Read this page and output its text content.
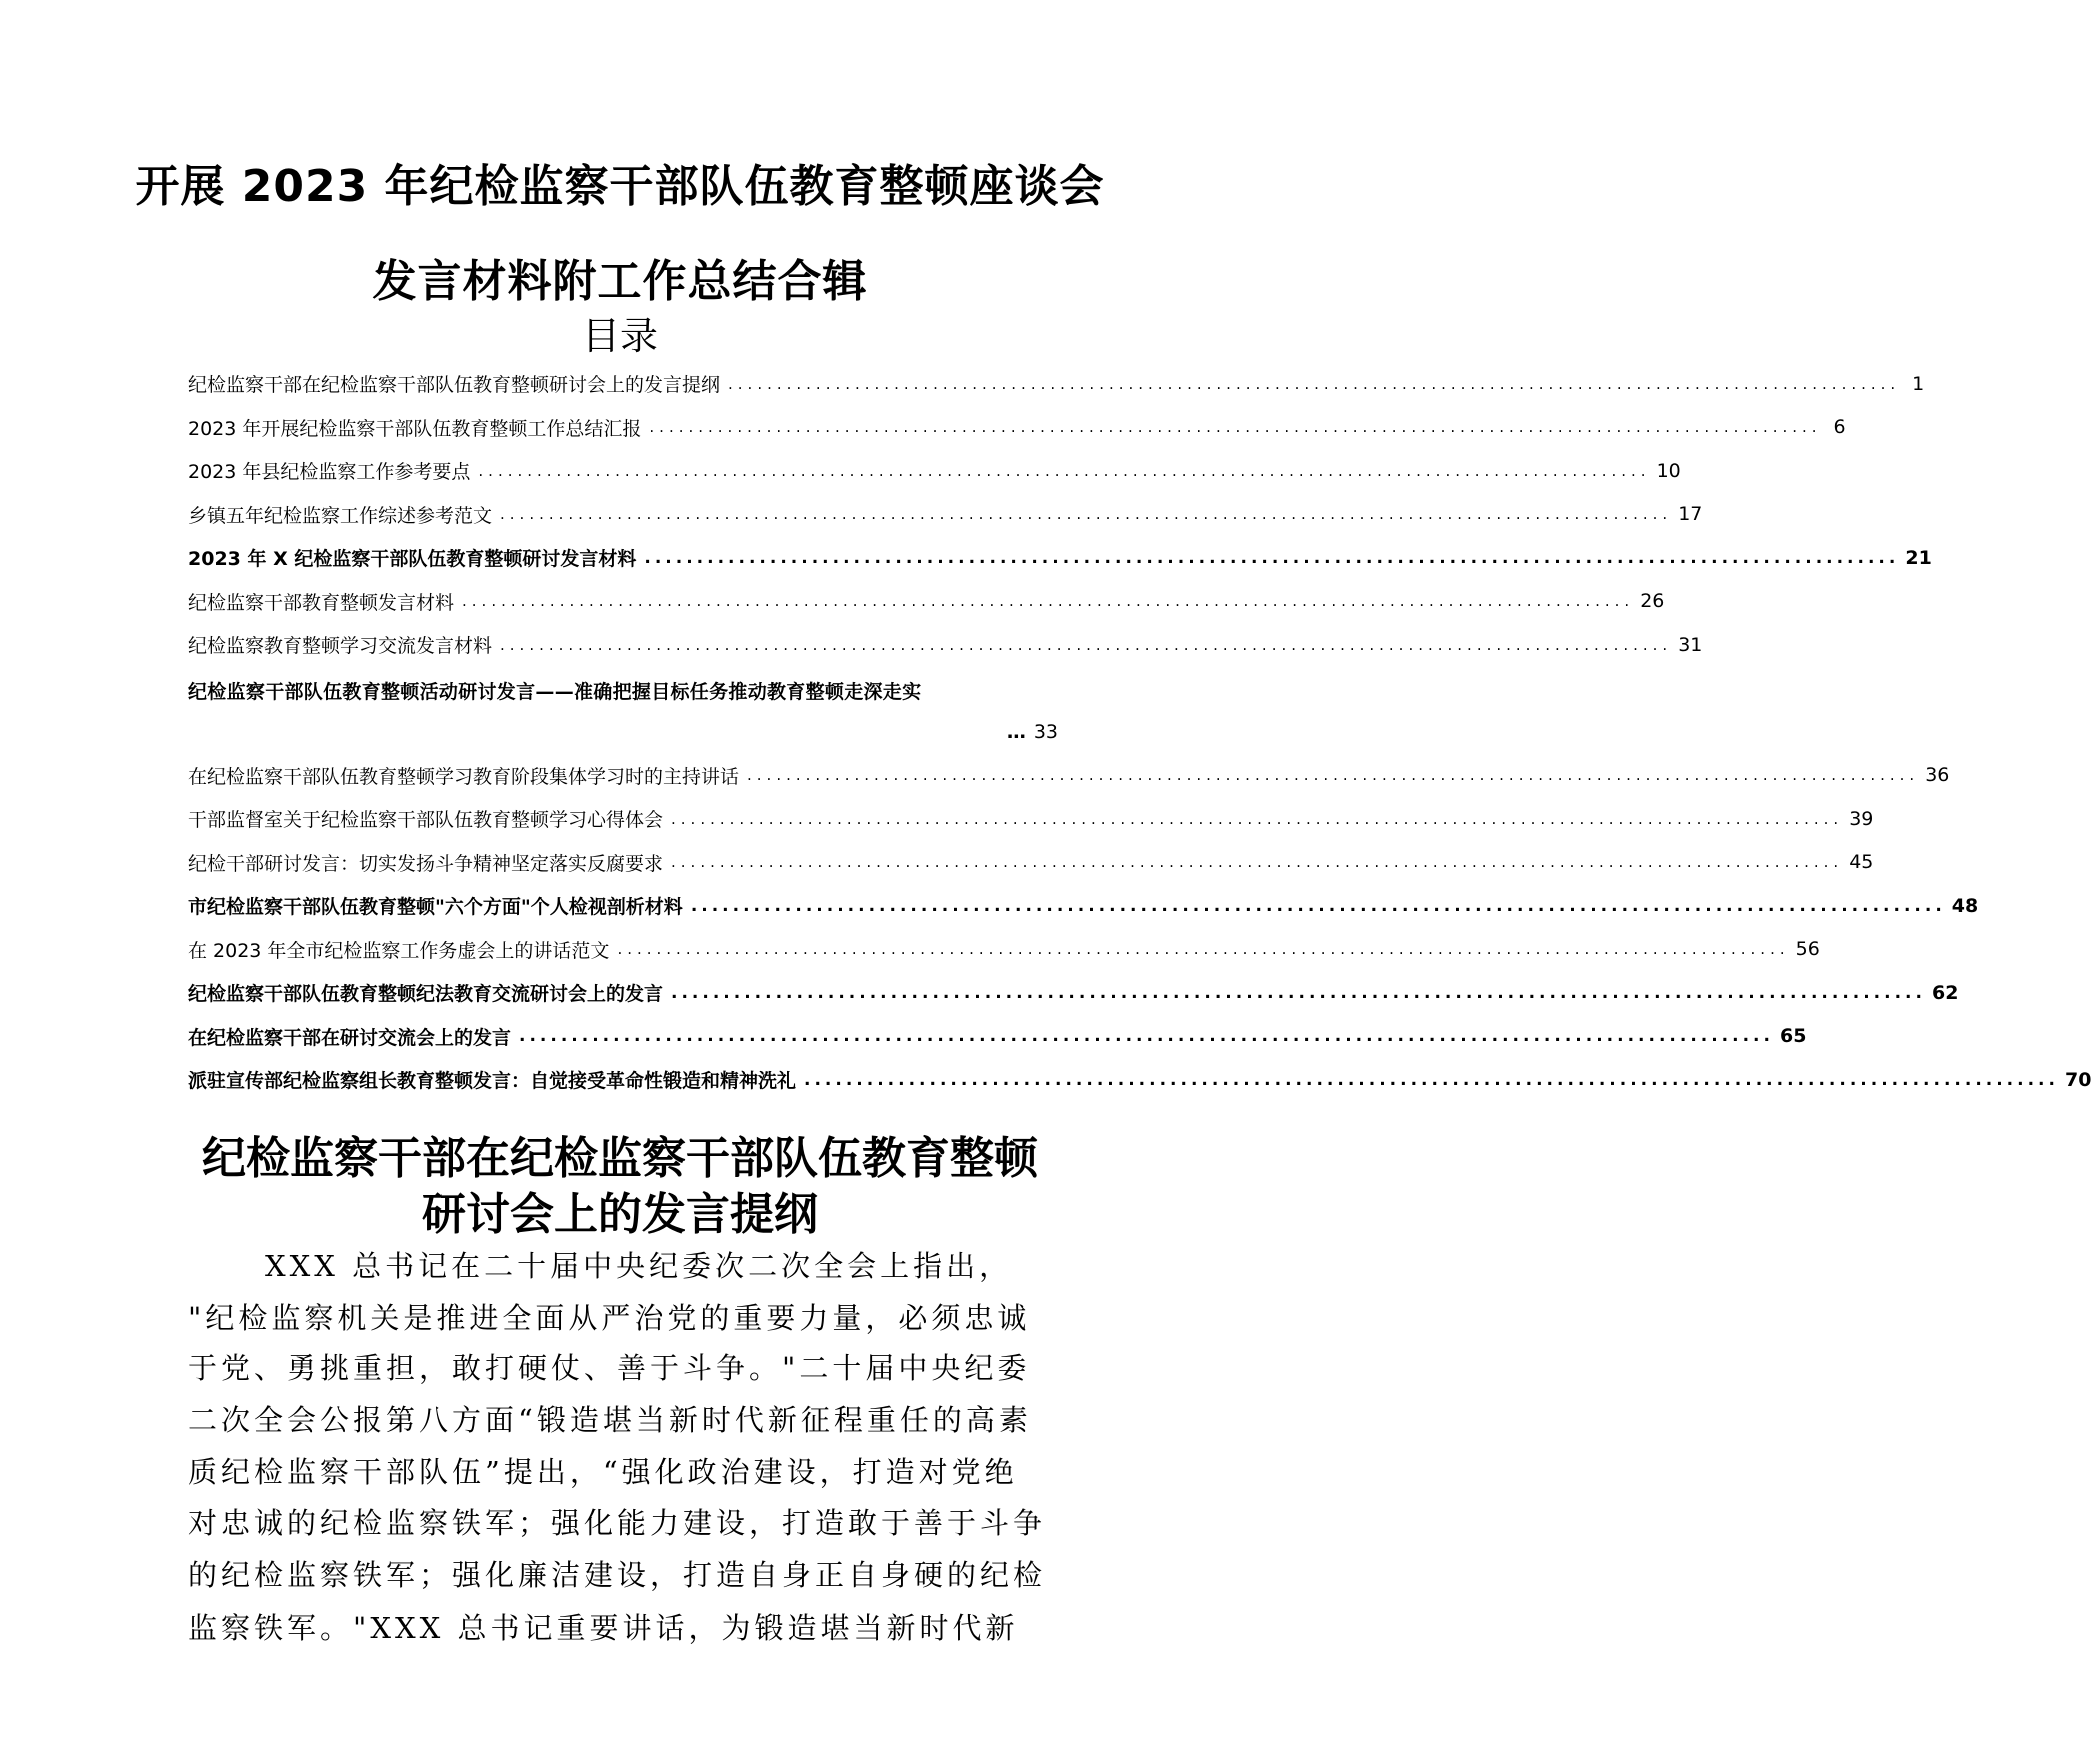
开展 2023 年纪检监察干部队伍教育整顿座谈会
发言材料附工作总结合辑
目录
纪检监察干部在纪检监察干部队伍教育整顿研讨会上的发言提纲 ........................................................................................................................ 1
2023 年开展纪检监察干部队伍教育整顿工作总结汇报 ........................................................................................................................ 6
2023 年县纪检监察工作参考要点 ........................................................................................................................ 10
乡镇五年纪检监察工作综述参考范文 ........................................................................................................................ 17
2023 年 X 纪检监察干部队伍教育整顿研讨发言材料 ........................................................................................................................ 21
纪检监察干部教育整顿发言材料 ........................................................................................................................ 26
纪检监察教育整顿学习交流发言材料 ........................................................................................................................ 31
纪检监察干部队伍教育整顿活动研讨发言——准确把握目标任务推动教育整顿走深走实
… 33
在纪检监察干部队伍教育整顿学习教育阶段集体学习时的主持讲话 ........................................................................................................................ 36
干部监督室关于纪检监察干部队伍教育整顿学习心得体会 ........................................................................................................................ 39
纪检干部研讨发言：切实发扬斗争精神坚定落实反腐要求 ........................................................................................................................ 45
市纪检监察干部队伍教育整顿"六个方面"个人检视剖析材料 ........................................................................................................................ 48
在 2023 年全市纪检监察工作务虚会上的讲话范文 ........................................................................................................................ 56
纪检监察干部队伍教育整顿纪法教育交流研讨会上的发言 ........................................................................................................................ 62
在纪检监察干部在研讨交流会上的发言 ........................................................................................................................ 65
派驻宣传部纪检监察组长教育整顿发言：自觉接受革命性锻造和精神洗礼 ........................................................................................................................ 70
纪检监察干部在纪检监察干部队伍教育整顿
研讨会上的发言提纲
XXX 总书记在二十届中央纪委次二次全会上指出，
"纪检监察机关是推进全面从严治党的重要力量，必须忠诚
于党、勇挑重担，敢打硬仗、善于斗争。"二十届中央纪委
二次全会公报第八方面“锻造堪当新时代新征程重任的高素
质纪检监察干部队伍”提出，“强化政治建设，打造对党绝
对忠诚的纪检监察铁军；强化能力建设，打造敢于善于斗争
的纪检监察铁军；强化廉洁建设，打造自身正自身硬的纪检
监察铁军。"XXX 总书记重要讲话，为锻造堪当新时代新
